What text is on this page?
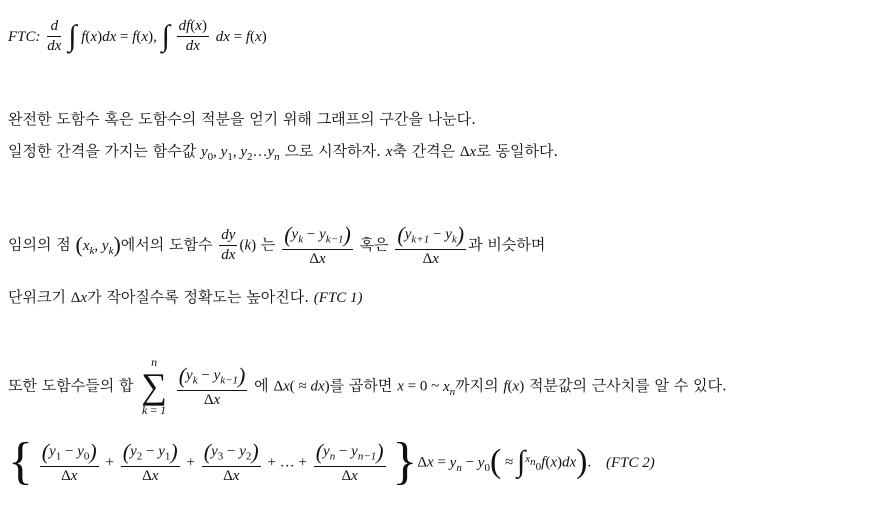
FTC: $\frac{d}{dx}$ ∫ f(x)dx = f(x), ∫ $\frac{df(x)}{dx}$ dx = f(x)
완전한 도함수 혹은 도함수의 적분을 얻기 위해 그래프의 구간을 나눈다.
일정한 간격을 가지는 함수값 $y_0$, $y_1$, $y_2\dots y_n$ 으로 시작하자. x축 간격은 Δx로 동일하다.
임의의 점 ($x_k$, $y_k$)에서의 도함수 $\frac{dy}{dx} (k)$ 는 $\frac{(y_k - y_{k-1})}{\Delta x}$ 혹은 $\frac{(y_{k+1} - y_k)}{\Delta x}$ 과 비슷하며
단위크기 Δx가 작아질수록 정확도는 높아진다. (FTC 1)
또한 도함수들의 합
n
∑
k = 1

$\frac{(y_k - y_{k-1})}{\Delta x}$ 에 Δx( ≈ dx)를 곱하면 x = 0 ~ $x_n$까지의 f(x) 적분값의 근사치를 알 수 있다.
{ $\frac{(y_1 - y_0)}{\Delta x} + \frac{(y_2 - y_1)}{\Delta x} + \frac{(y_3 - y_2)}{\Delta x}$ + … + $\frac{(y_n - y_{n-1})}{\Delta x} \}\Delta x = y_n - y_0( \approx \int^{x_n}_0f(x)dx)$. (FTC 2)
